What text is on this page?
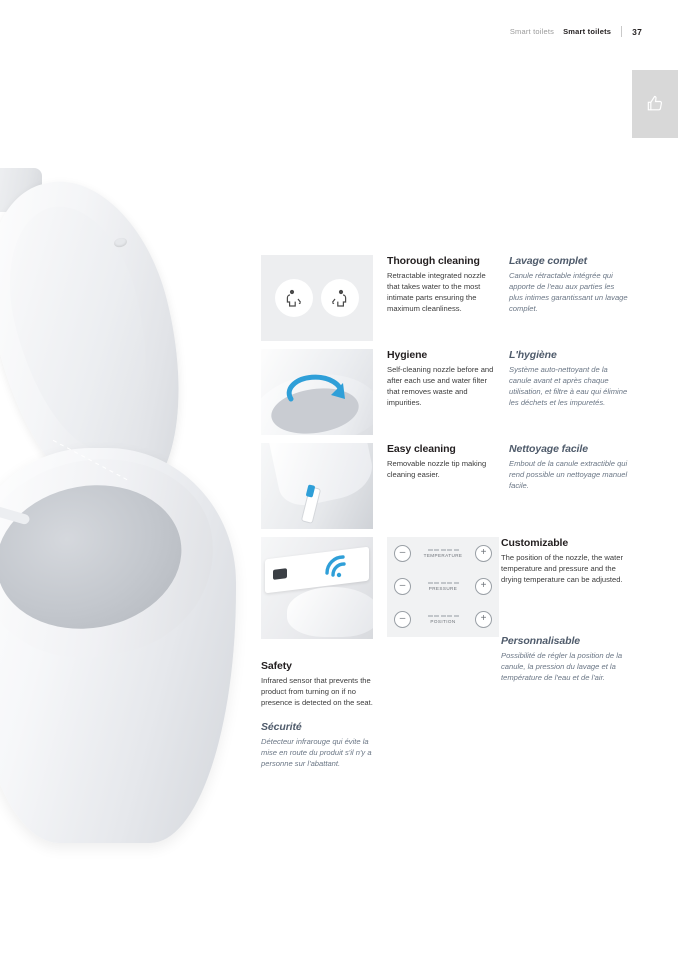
Smart toilets Smart toilets 37
Thorough cleaning

Retractable integrated nozzle that takes water to the most intimate parts ensuring the maximum cleanliness.

Lavage complet

Canule rétractable intégrée qui apporte de l'eau aux parties les plus intimes garantissant un lavage complet.

Hygiene

Self-cleaning nozzle before and after each use and water filter that removes waste and impurities.

L'hygiène

Système auto-nettoyant de la canule avant et après chaque utilisation, et filtre à eau qui élimine les déchets et les impuretés.

Easy cleaning

Removable nozzle tip making cleaning easier.

Nettoyage facile

Embout de la canule extractible qui rend possible un nettoyage manuel facile.

–	TEMPERATURE	+
–	PRESSURE	+
–	POSITION	+
Customizable

The position of the nozzle, the water temperature and pressure and the drying temperature can be adjusted.

Personnalisable

Possibilité de régler la position de la canule, la pression du lavage et la température de l'eau et de l'air.

Safety

Infrared sensor that prevents the product from turning on if no presence is detected on the seat.

Sécurité

Détecteur infrarouge qui évite la mise en route du produit s'il n'y a personne sur l'abattant.
